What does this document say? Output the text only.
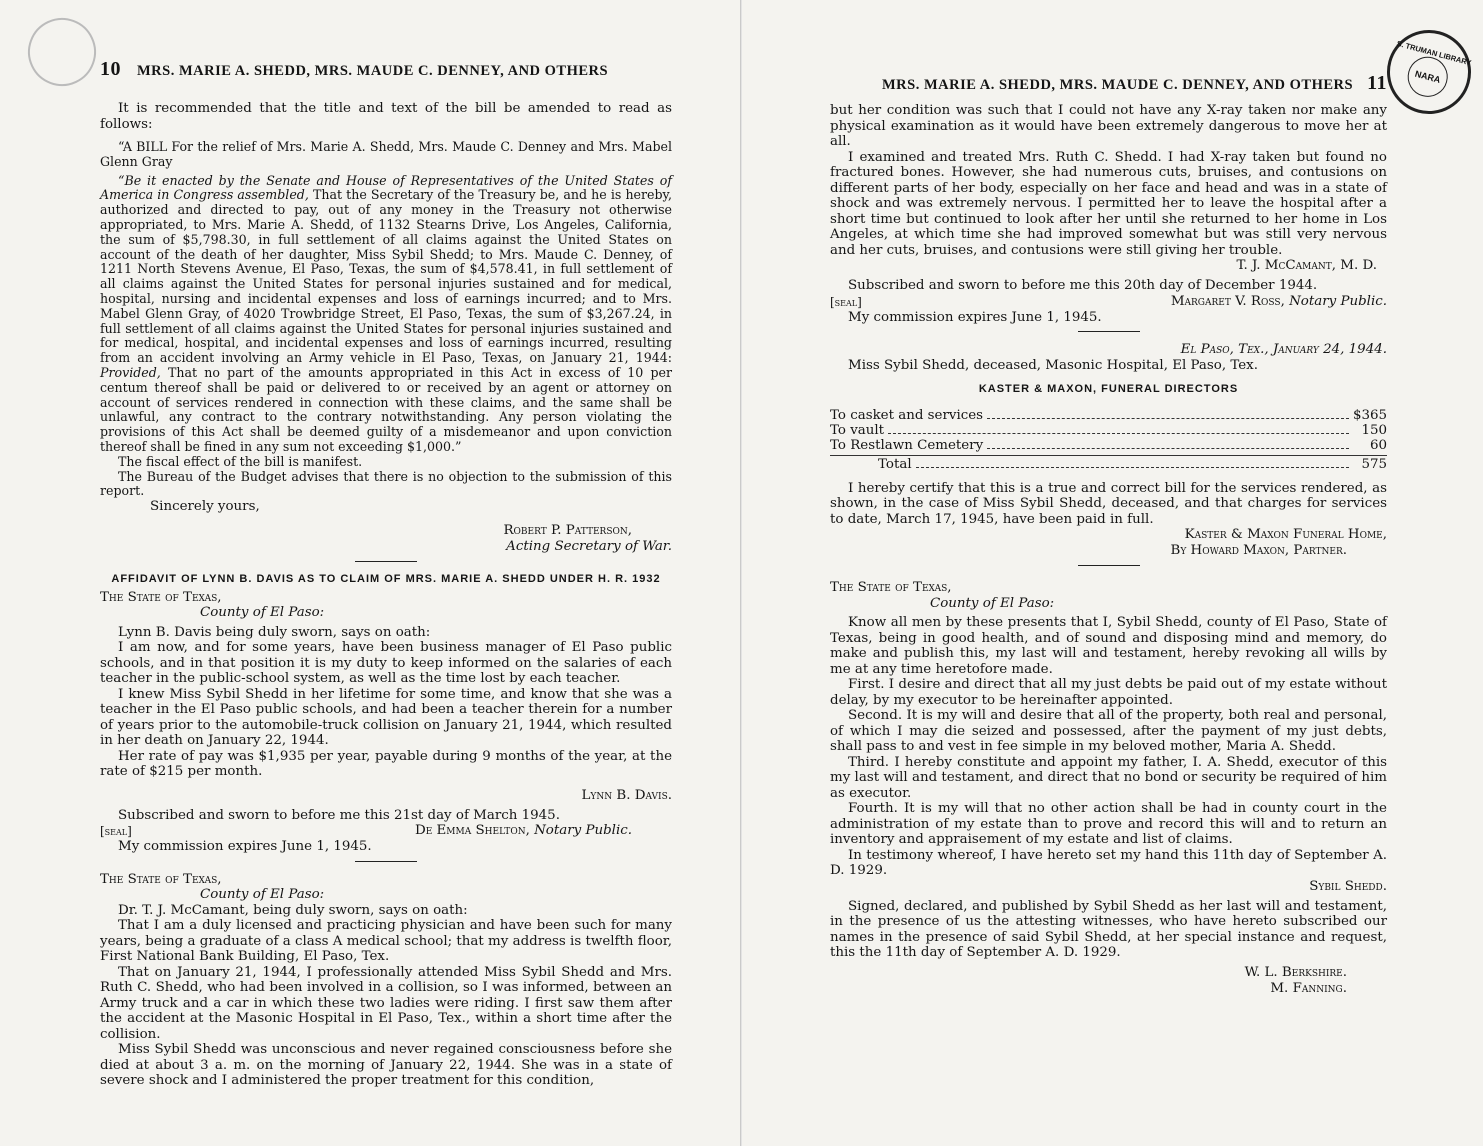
10 MRS. MARIE A. SHEDD, MRS. MAUDE C. DENNEY, AND OTHERS

It is recommended that the title and text of the bill be amended to read as follows:

“A BILL For the relief of Mrs. Marie A. Shedd, Mrs. Maude C. Denney and Mrs. Mabel Glenn Gray

“Be it enacted by the Senate and House of Representatives of the United States of America in Congress assembled, That the Secretary of the Treasury be, and he is hereby, authorized and directed to pay, out of any money in the Treasury not otherwise appropriated, to Mrs. Marie A. Shedd, of 1132 Stearns Drive, Los Angeles, California, the sum of $5,798.30, in full settlement of all claims against the United States on account of the death of her daughter, Miss Sybil Shedd; to Mrs. Maude C. Denney, of 1211 North Stevens Avenue, El Paso, Texas, the sum of $4,578.41, in full settlement of all claims against the United States for personal injuries sustained and for medical, hospital, nursing and incidental expenses and loss of earnings incurred; and to Mrs. Mabel Glenn Gray, of 4020 Trowbridge Street, El Paso, Texas, the sum of $3,267.24, in full settlement of all claims against the United States for personal injuries sustained and for medical, hospital, and incidental expenses and loss of earnings incurred, resulting from an accident involving an Army vehicle in El Paso, Texas, on January 21, 1944: Provided, That no part of the amounts appropriated in this Act in excess of 10 per centum thereof shall be paid or delivered to or received by an agent or attorney on account of services rendered in connection with these claims, and the same shall be unlawful, any contract to the contrary notwithstanding. Any person violating the provisions of this Act shall be deemed guilty of a misdemeanor and upon conviction thereof shall be fined in any sum not exceeding $1,000.”

The fiscal effect of the bill is manifest.

The Bureau of the Budget advises that there is no objection to the submission of this report.

Sincerely yours,

Robert P. Patterson,
Acting Secretary of War.
AFFIDAVIT OF LYNN B. DAVIS AS TO CLAIM OF MRS. MARIE A. SHEDD UNDER H. R. 1932
The State of Texas,
County of El Paso:

Lynn B. Davis being duly sworn, says on oath:

I am now, and for some years, have been business manager of El Paso public schools, and in that position it is my duty to keep informed on the salaries of each teacher in the public-school system, as well as the time lost by each teacher.

I knew Miss Sybil Shedd in her lifetime for some time, and know that she was a teacher in the El Paso public schools, and had been a teacher therein for a number of years prior to the automobile-truck collision on January 21, 1944, which resulted in her death on January 22, 1944.

Her rate of pay was $1,935 per year, payable during 9 months of the year, at the rate of $215 per month.

Lynn B. Davis.

Subscribed and sworn to before me this 21st day of March 1945.

[seal]	De Emma Shelton, Notary Public.

My commission expires June 1, 1945.

The State of Texas,
County of El Paso:

Dr. T. J. McCamant, being duly sworn, says on oath:

That I am a duly licensed and practicing physician and have been such for many years, being a graduate of a class A medical school; that my address is twelfth floor, First National Bank Building, El Paso, Tex.

That on January 21, 1944, I professionally attended Miss Sybil Shedd and Mrs. Ruth C. Shedd, who had been involved in a collision, so I was informed, between an Army truck and a car in which these two ladies were riding. I first saw them after the accident at the Masonic Hospital in El Paso, Tex., within a short time after the collision.

Miss Sybil Shedd was unconscious and never regained consciousness before she died at about 3 a. m. on the morning of January 22, 1944. She was in a state of severe shock and I administered the proper treatment for this condition,

S. TRUMAN LIBRARY
NARA
MRS. MARIE A. SHEDD, MRS. MAUDE C. DENNEY, AND OTHERS 11

but her condition was such that I could not have any X-ray taken nor make any physical examination as it would have been extremely dangerous to move her at all.

I examined and treated Mrs. Ruth C. Shedd. I had X-ray taken but found no fractured bones. However, she had numerous cuts, bruises, and contusions on different parts of her body, especially on her face and head and was in a state of shock and was extremely nervous. I permitted her to leave the hospital after a short time but continued to look after her until she returned to her home in Los Angeles, at which time she had improved somewhat but was still very nervous and her cuts, bruises, and contusions were still giving her trouble.

T. J. McCamant, M. D.

Subscribed and sworn to before me this 20th day of December 1944.

[seal]	Margaret V. Ross, Notary Public.

My commission expires June 1, 1945.

El Paso, Tex., January 24, 1944.

Miss Sybil Shedd, deceased, Masonic Hospital, El Paso, Tex.

KASTER & MAXON, FUNERAL DIRECTORS
To casket and services	$365
To vault	150
To Restlawn Cemetery	60
Total	575

I hereby certify that this is a true and correct bill for the services rendered, as shown, in the case of Miss Sybil Shedd, deceased, and that charges for services to date, March 17, 1945, have been paid in full.

Kaster & Maxon Funeral Home,
By Howard Maxon, Partner.
The State of Texas,
County of El Paso:

Know all men by these presents that I, Sybil Shedd, county of El Paso, State of Texas, being in good health, and of sound and disposing mind and memory, do make and publish this, my last will and testament, hereby revoking all wills by me at any time heretofore made.

First. I desire and direct that all my just debts be paid out of my estate without delay, by my executor to be hereinafter appointed.

Second. It is my will and desire that all of the property, both real and personal, of which I may die seized and possessed, after the payment of my just debts, shall pass to and vest in fee simple in my beloved mother, Maria A. Shedd.

Third. I hereby constitute and appoint my father, I. A. Shedd, executor of this my last will and testament, and direct that no bond or security be required of him as executor.

Fourth. It is my will that no other action shall be had in county court in the administration of my estate than to prove and record this will and to return an inventory and appraisement of my estate and list of claims.

In testimony whereof, I have hereto set my hand this 11th day of September A. D. 1929.

Sybil Shedd.

Signed, declared, and published by Sybil Shedd as her last will and testament, in the presence of us the attesting witnesses, who have hereto subscribed our names in the presence of said Sybil Shedd, at her special instance and request, this the 11th day of September A. D. 1929.

W. L. Berkshire.
M. Fanning.
